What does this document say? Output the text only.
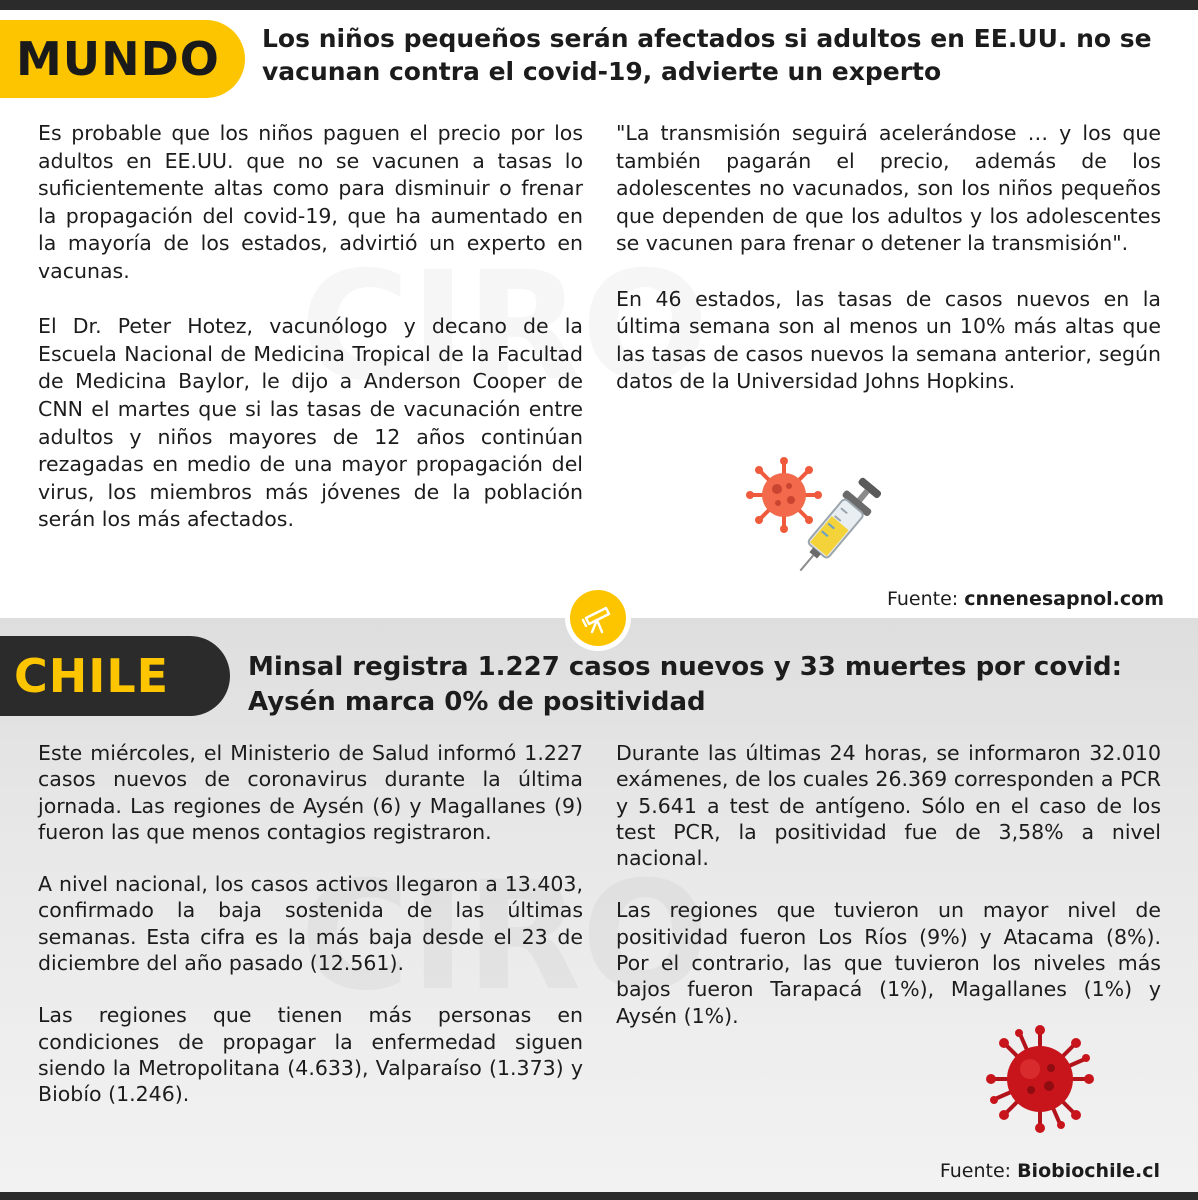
MUNDO	Los niños pequeños serán afectados si adultos en EE.UU. no se vacunan contra el covid-19, advierte un experto

Es probable que los niños paguen el precio por los adultos en EE.UU. que no se vacunen a tasas lo suficientemente altas como para disminuir o frenar la propagación del covid-19, que ha aumentado en la mayoría de los estados, advirtió un experto en vacunas.

El Dr. Peter Hotez, vacunólogo y decano de la Escuela Nacional de Medicina Tropical de la Facultad de Medicina Baylor, le dijo a Anderson Cooper de CNN el martes que si las tasas de vacunación entre adultos y niños mayores de 12 años continúan rezagadas en medio de una mayor propagación del virus, los miembros más jóvenes de la población serán los más afectados.

"La transmisión seguirá acelerándose … y los que también pagarán el precio, además de los adolescentes no vacunados, son los niños pequeños que dependen de que los adultos y los adolescentes se vacunen para frenar o detener la transmisión".

En 46 estados, las tasas de casos nuevos en la última semana son al menos un 10% más altas que las tasas de casos nuevos la semana anterior, según datos de la Universidad Johns Hopkins.

Fuente: cnnenesapnol.com
CHILE	Minsal registra 1.227 casos nuevos y 33 muertes por covid: Aysén marca 0% de positividad

Este miércoles, el Ministerio de Salud informó 1.227 casos nuevos de coronavirus durante la última jornada. Las regiones de Aysén (6) y Magallanes (9) fueron las que menos contagios registraron.

A nivel nacional, los casos activos llegaron a 13.403, confirmado la baja sostenida de las últimas semanas. Esta cifra es la más baja desde el 23 de diciembre del año pasado (12.561).

Las regiones que tienen más personas en condiciones de propagar la enfermedad siguen siendo la Metropolitana (4.633), Valparaíso (1.373) y Biobío (1.246).

Durante las últimas 24 horas, se informaron 32.010 exámenes, de los cuales 26.369 corresponden a PCR y 5.641 a test de antígeno. Sólo en el caso de los test PCR, la positividad fue de 3,58% a nivel nacional.

Las regiones que tuvieron un mayor nivel de positividad fueron Los Ríos (9%) y Atacama (8%). Por el contrario, las que tuvieron los niveles más bajos fueron Tarapacá (1%), Magallanes (1%) y Aysén (1%).

Fuente: Biobiochile.cl
